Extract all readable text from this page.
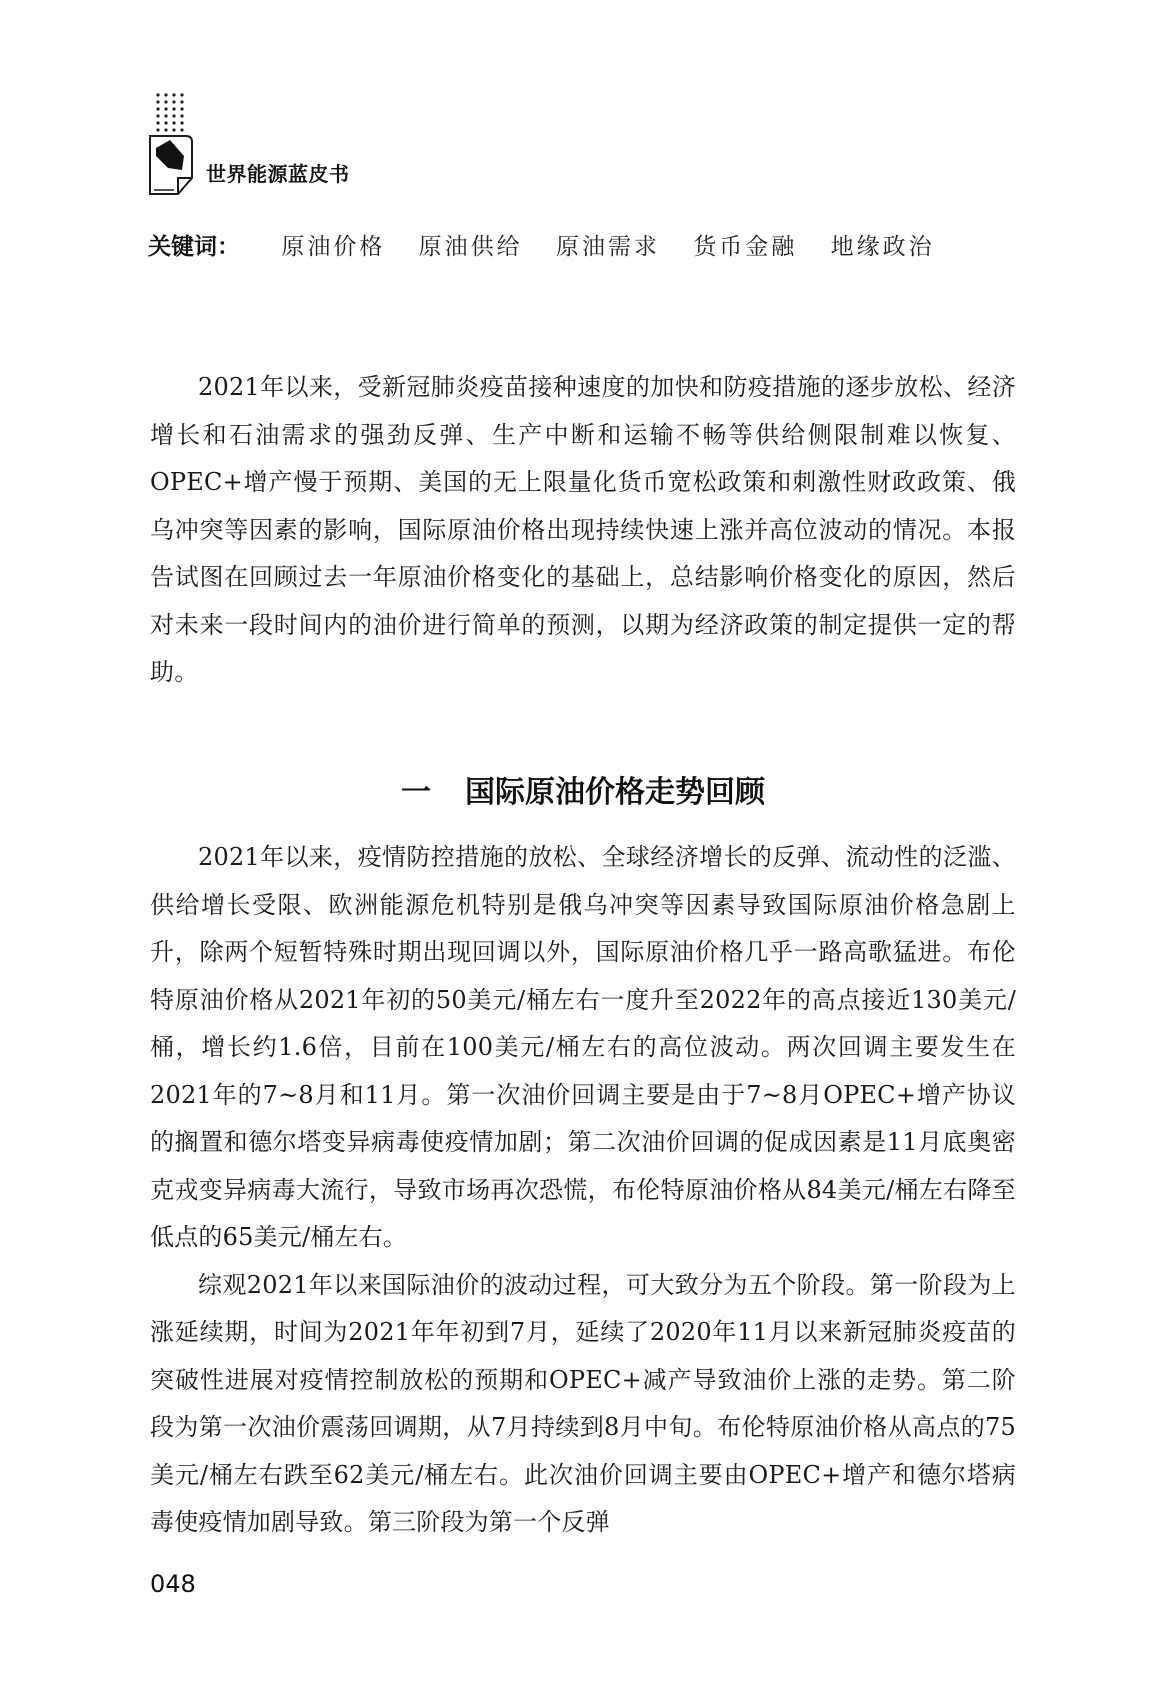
世界能源蓝皮书
关键词： 原油价格 原油供给 原油需求 货币金融 地缘政治

2021年以来，受新冠肺炎疫苗接种速度的加快和防疫措施的逐步放松、经济增长和石油需求的强劲反弹、生产中断和运输不畅等供给侧限制难以恢复、OPEC+增产慢于预期、美国的无上限量化货币宽松政策和刺激性财政政策、俄乌冲突等因素的影响，国际原油价格出现持续快速上涨并高位波动的情况。本报告试图在回顾过去一年原油价格变化的基础上，总结影响价格变化的原因，然后对未来一段时间内的油价进行简单的预测，以期为经济政策的制定提供一定的帮助。

一 国际原油价格走势回顾

2021年以来，疫情防控措施的放松、全球经济增长的反弹、流动性的泛滥、供给增长受限、欧洲能源危机特别是俄乌冲突等因素导致国际原油价格急剧上升，除两个短暂特殊时期出现回调以外，国际原油价格几乎一路高歌猛进。布伦特原油价格从2021年初的50美元/桶左右一度升至2022年的高点接近130美元/桶，增长约1.6倍，目前在100美元/桶左右的高位波动。两次回调主要发生在2021年的7~8月和11月。第一次油价回调主要是由于7~8月OPEC+增产协议的搁置和德尔塔变异病毒使疫情加剧；第二次油价回调的促成因素是11月底奥密克戎变异病毒大流行，导致市场再次恐慌，布伦特原油价格从84美元/桶左右降至低点的65美元/桶左右。

综观2021年以来国际油价的波动过程，可大致分为五个阶段。第一阶段为上涨延续期，时间为2021年年初到7月，延续了2020年11月以来新冠肺炎疫苗的突破性进展对疫情控制放松的预期和OPEC+减产导致油价上涨的走势。第二阶段为第一次油价震荡回调期，从7月持续到8月中旬。布伦特原油价格从高点的75美元/桶左右跌至62美元/桶左右。此次油价回调主要由OPEC+增产和德尔塔病毒使疫情加剧导致。第三阶段为第一个反弹

048
